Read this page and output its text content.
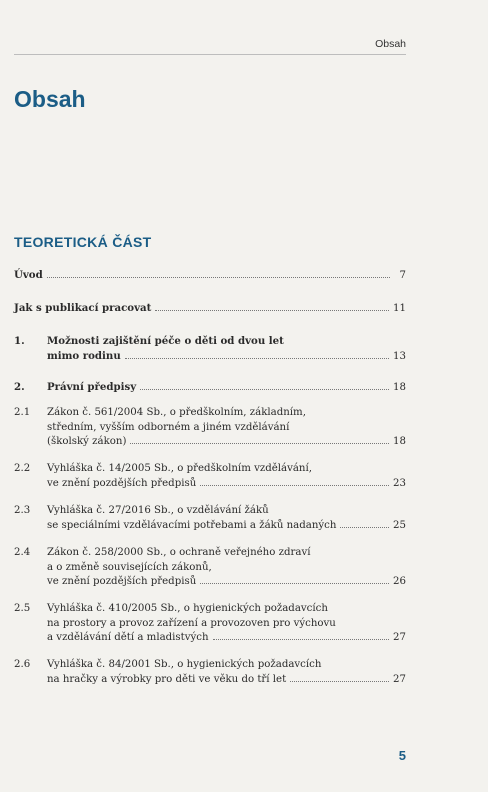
Obsah
Obsah
TEORETICKÁ ČÁST
Úvod	7
Jak s publikací pracovat	11
1. Možnosti zajištění péče o děti od dvou let
mimo rodinu	13
2. Právní předpisy	18
2.1 Zákon č. 561/2004 Sb., o předškolním, základním,
středním, vyšším odborném a jiném vzdělávání
(školský zákon)	18
2.2 Vyhláška č. 14/2005 Sb., o předškolním vzdělávání,
ve znění pozdějších předpisů	23
2.3 Vyhláška č. 27/2016 Sb., o vzdělávání žáků
se speciálními vzdělávacími potřebami a žáků nadaných	25
2.4 Zákon č. 258/2000 Sb., o ochraně veřejného zdraví
a o změně souvisejících zákonů,
ve znění pozdějších předpisů	26
2.5 Vyhláška č. 410/2005 Sb., o hygienických požadavcích
na prostory a provoz zařízení a provozoven pro výchovu
a vzdělávání dětí a mladistvých	27
2.6 Vyhláška č. 84/2001 Sb., o hygienických požadavcích
na hračky a výrobky pro děti ve věku do tří let	27
5
